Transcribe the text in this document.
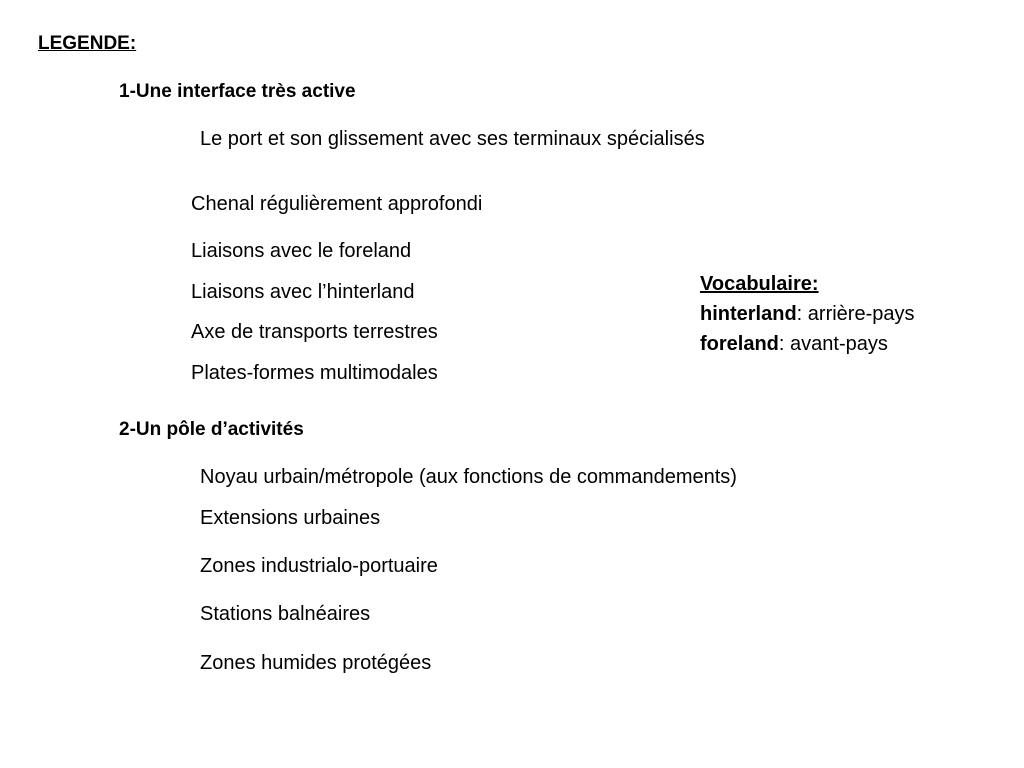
LEGENDE:
1-Une interface très active
Le port et son glissement avec ses terminaux spécialisés
Chenal régulièrement approfondi
Liaisons avec le foreland
Liaisons avec l’hinterland
Axe de transports terrestres
Plates-formes multimodales
2-Un pôle d’activités
Noyau urbain/métropole (aux fonctions de commandements)
Extensions urbaines
Zones industrialo-portuaire
Stations balnéaires
Zones humides protégées
Vocabulaire:
hinterland: arrière-pays
foreland: avant-pays
